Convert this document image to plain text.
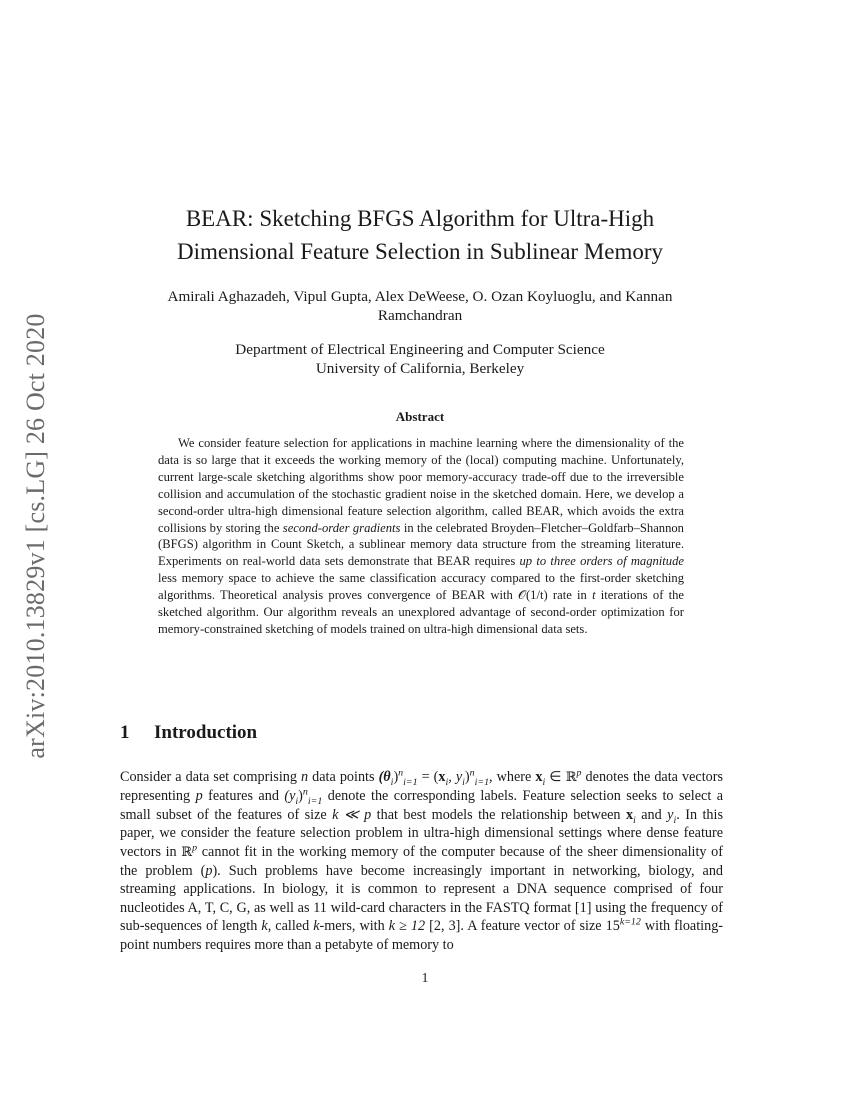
arXiv:2010.13829v1 [cs.LG] 26 Oct 2020
BEAR: Sketching BFGS Algorithm for Ultra-High
Dimensional Feature Selection in Sublinear Memory
Amirali Aghazadeh, Vipul Gupta, Alex DeWeese, O. Ozan Koyluoglu, and Kannan
Ramchandran
Department of Electrical Engineering and Computer Science
University of California, Berkeley
Abstract
We consider feature selection for applications in machine learning where the dimensionality of the data is so large that it exceeds the working memory of the (local) computing machine. Unfortunately, current large-scale sketching algorithms show poor memory-accuracy trade-off due to the irreversible collision and accumulation of the stochastic gradient noise in the sketched domain. Here, we develop a second-order ultra-high dimensional feature selection algorithm, called BEAR, which avoids the extra collisions by storing the second-order gradients in the celebrated Broyden–Fletcher–Goldfarb–Shannon (BFGS) algorithm in Count Sketch, a sublinear memory data structure from the streaming literature. Experiments on real-world data sets demonstrate that BEAR requires up to three orders of magnitude less memory space to achieve the same classification accuracy compared to the first-order sketching algorithms. Theoretical analysis proves convergence of BEAR with 𝒪(1/t) rate in t iterations of the sketched algorithm. Our algorithm reveals an unexplored advantage of second-order optimization for memory-constrained sketching of models trained on ultra-high dimensional data sets.
1 Introduction
Consider a data set comprising n data points $(\theta_i)^n_{i=1} = (x_i$, $y_i)^n_{i=1}$, where $x_i$ ∈ ℝ$^p$ denotes the data vectors representing p features and $(y_i)^n_{i=1}$ denote the corresponding labels. Feature selection seeks to select a small subset of the features of size k ≪ p that best models the relationship between $x_i$ and $y_i$. In this paper, we consider the feature selection problem in ultra-high dimensional settings where dense feature vectors in ℝ$^p$ cannot fit in the working memory of the computer because of the sheer dimensionality of the problem (p). Such problems have become increasingly important in networking, biology, and streaming applications. In biology, it is common to represent a DNA sequence comprised of four nucleotides A, T, C, G, as well as 11 wild-card characters in the FASTQ format [1] using the frequency of sub-sequences of length k, called k-mers, with k ≥ 12 [2, 3]. A feature vector of size $15^{k=12}$ with floating-point numbers requires more than a petabyte of memory to
1
